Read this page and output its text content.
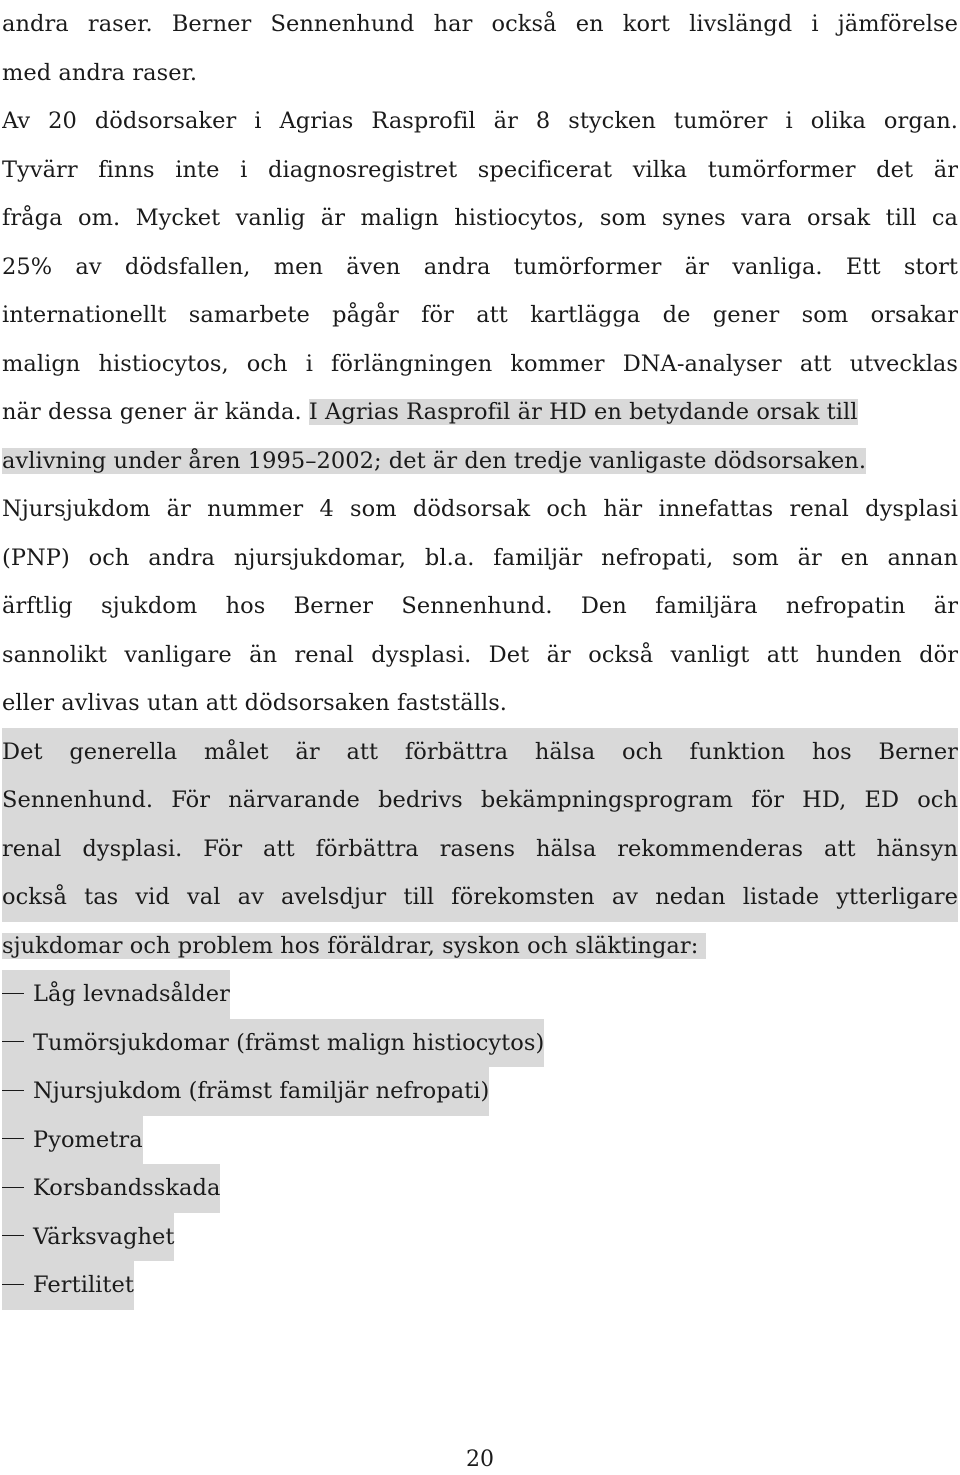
andra raser. Berner Sennenhund har också en kort livslängd i jämförelse
med andra raser.
Av 20 dödsorsaker i Agrias Rasprofil är 8 stycken tumörer i olika organ.
Tyvärr finns inte i diagnosregistret specificerat vilka tumörformer det är
fråga om. Mycket vanlig är malign histiocytos, som synes vara orsak till ca
25% av dödsfallen, men även andra tumörformer är vanliga. Ett stort
internationellt samarbete pågår för att kartlägga de gener som orsakar
malign histiocytos, och i förlängningen kommer DNA-analyser att utvecklas
när dessa gener är kända. I Agrias Rasprofil är HD en betydande orsak till
avlivning under åren 1995–2002; det är den tredje vanligaste dödsorsaken.
Njursjukdom är nummer 4 som dödsorsak och här innefattas renal dysplasi
(PNP) och andra njursjukdomar, bl.a. familjär nefropati, som är en annan
ärftlig sjukdom hos Berner Sennenhund. Den familjära nefropatin är
sannolikt vanligare än renal dysplasi. Det är också vanligt att hunden dör
eller avlivas utan att dödsorsaken fastställs.
Det generella målet är att förbättra hälsa och funktion hos Berner
Sennenhund. För närvarande bedrivs bekämpningsprogram för HD, ED och
renal dysplasi. För att förbättra rasens hälsa rekommenderas att hänsyn
också tas vid val av avelsdjur till förekomsten av nedan listade ytterligare
sjukdomar och problem hos föräldrar, syskon och släktingar:
Låg levnadsålder
Tumörsjukdomar (främst malign histiocytos)
Njursjukdom (främst familjär nefropati)
Pyometra
Korsbandsskada
Värksvaghet
Fertilitet
20
